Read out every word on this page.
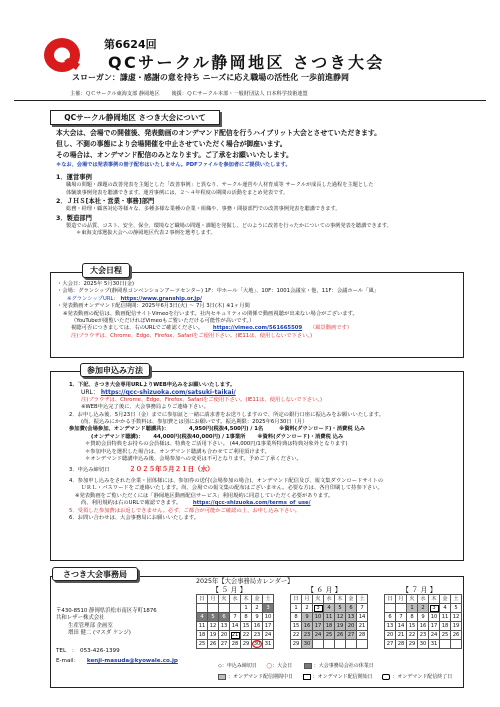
第6624回
QCサークル静岡地区 さつき大会
スローガン：謙虚・感謝の意を持ち ニーズに応え職場の活性化 一歩前進静岡
主催：ＱＣサークル東海支部 静岡地区 後援：ＱＣサークル本部・一般財団法人 日本科学技術連盟
QCサークル静岡地区 さつき大会について
本大会は、会場での開催後、発表動画のオンデマンド配信を行うハイブリット大会とさせていただきます。
但し、不測の事態により会場開催を中止させていただく場合が御座います。
その場合は、オンデマンド配信のみとなります。ご了承をお願いいたします。
＊なお、会場では発表事例の冊子配布はいたしません。PDFファイルを参加者にご提供いたします。
1．運営事例
職場の問題・課題の改善発表を主題とした「改善事例」と異なり、サークル運営や人材育成等 サークルが成長した過程を主題とした
体験談事例発表を聴講できます。運営事例には、２～４年程度の期間の活動をまとめ発表です。
2．ＪＨＳ[本社・営業・事務]部門
総務・経理・顧客対応等様々な、多種多様な業種の企業・組織や、事務・間接部門での改善事例発表を聴講できます。
3．製造部門
製造での品質、コスト、安全、保全、環境など職場の問題・課題を発掘し、どのように改善を行ったかについての事例発表を聴講できます。
＊東海支部選抜大会への静岡地区代表２事例を選考します。
・大会日：2025年 5月30日(金)
・会場：グランシップ(静岡県コンベンションアーツセンター) 1F：中ホール「大地」、10F：1001会議室・他、11F：会議ホール「風」
※グランシップURL： https://www.granship.or.jp/
・発表動画オンデマンド配信期間：2025年6月3日(火) ～ 7月 3日(木) ※1ヶ月間
※発表動画の配信は、動画配信サイトVimeoを行います。社内セキュリティの関係で動画視聴が出来ない場合がございます。
（YouTubeが閲覧いただければVimeoもご覧いただける可能性が高いです。）
視聴可否につきましては、右のURLでご確認ください。 https://vimeo.com/561665509 （風景動画です）
注)ブラウザは、Chrome、Edge、Firefox、Safariをご使用下さい。(IE11は、使用しないで下さい。)
大会日程
1．下記、さつき大会専用URLよりWEB申込みをお願いいたします。
URL： https://qcc-shizuoka.com/satsuki-taikai/
注)ブラウザは、Chrome、Edge、Firefox、Safariをご使用下さい。(IE11は、使用しないで下さい。)
※WEB申込完了後に、大会事務局よりご連絡下さい。
2．お申し込み後、5月23日（金）までに参加証と一緒に請求書をお送りしますので、所定の銀行口座に振込みをお願いいたします。
(尚、振込みにかかる手数料は、参加費とは別にお願いです。振込期限：2025年6月30日（月）
参加費(会場参加、オンデマンド聴講共)：	4,950円(税抜4,500円) / 1名	※資料(ダウンロード)・消費税 込み
(オンデマンド聴講)： 44,000円(税抜40,000円) / 1事業所 ※資料(ダウンロード)・消費税 込み
＊賛助会員特典をお持ちの会員様は、特典をご活用下さい。 (44,000円/1事業所特典は特典対象外となります)
＊参加申込を選択した場合は、オンデマンド聴講も合わせてご利用頂けます。
＊オンデマンド聴講申込み後、会場参加への変更は不可となります。予めご了承ください。
3．申込み締切日	２０２５年５月２１日（水）
4．参加申し込みをされた企業・団体様には、参加券の送付(会場参加の場合)、オンデマンド配信及び、報文集ダウンロードサイトの
ＵＲＬ・パスワードをご連絡いたします。尚、会場での報文集の配布はございません。必要な方は、各自印刷して持参下さい。
※発表動画をご覧いただくには「静岡地区動画配信サービス」利用規約に同意していただく必要があります。
尚、利用規約は右のURLで確認できます。 https://qcc-shizuoka.com/terms_of_use/
5．受領した参加費はお返しできません。必ず、ご都合が可能かご確認の上、お申し込み下さい。
6．お問い合わせは、大会事務局にお願いいたします。
参加申込み方法
さつき大会事務局
〒430-8510 静岡県浜松市南区寺町1876
共和レザー株式会社
生産管理部 企画室
増田 健二 (マスダ ケンジ)
TEL　：　053-426-1399
E-mail： kenji-masuda@kyowale.co.jp
2025年【大会事務局カレンダー】
【 ５ 月 】	【 ６ 月 】	【 ７ 月 】
日	月	火	水	木	金	土
				1	2	3
4	5	6	7	8	9	10
11	12	13	14	15	16	17
18	19	20	21	22	23	24
25	26	27	28	29	30	31
日	月	火	水	木	金	土
1	2	3	4	5	6	7
8	9	10	11	12	13	14
15	16	17	18	19	20	21
22	23	24	25	26	27	28
29	30					
日	月	火	水	木	金	土
		1	2	3	4	5
6	7	8	9	10	11	12
13	14	15	16	17	18	19
20	21	22	23	24	25	26
27	28	29	30	31		
◇：申込み締切日 ◯：大会日	：大会事務局会社の休業日
：オンデマンド配信期間中日	：オンデマンド配信開始日	：オンデマンド配信終了日
